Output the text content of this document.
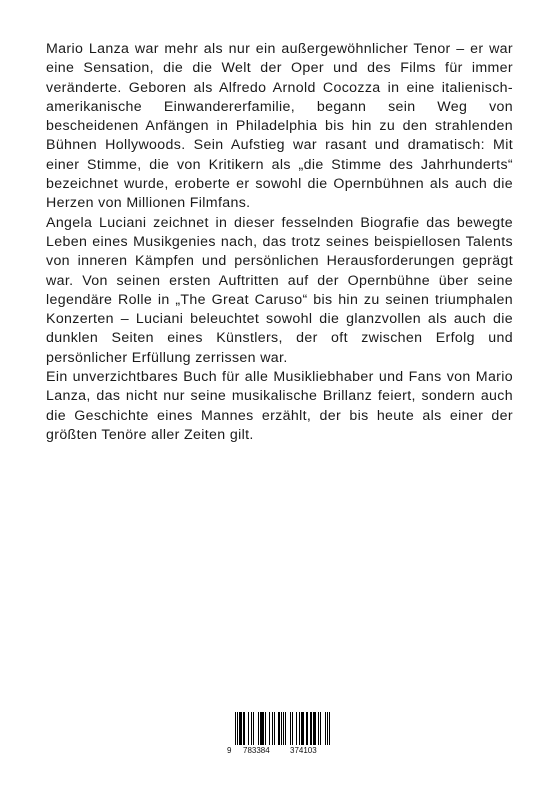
Mario Lanza war mehr als nur ein außergewöhnlicher Tenor – er war eine Sensation, die die Welt der Oper und des Films für immer veränderte. Geboren als Alfredo Arnold Cocozza in eine italienisch-amerikanische Einwandererfamilie, begann sein Weg von bescheidenen Anfängen in Philadelphia bis hin zu den strahlenden Bühnen Hollywoods. Sein Aufstieg war rasant und dramatisch: Mit einer Stimme, die von Kritikern als „die Stimme des Jahrhunderts“ bezeichnet wurde, eroberte er sowohl die Opernbühnen als auch die Herzen von Millionen Filmfans.

Angela Luciani zeichnet in dieser fesselnden Biografie das bewegte Leben eines Musikgenies nach, das trotz seines beispiellosen Talents von inneren Kämpfen und persönlichen Herausforderungen geprägt war. Von seinen ersten Auftritten auf der Opernbühne über seine legendäre Rolle in „The Great Caruso“ bis hin zu seinen triumphalen Konzerten – Luciani beleuchtet sowohl die glanzvollen als auch die dunklen Seiten eines Künstlers, der oft zwischen Erfolg und persönlicher Erfüllung zerrissen war.

Ein unverzichtbares Buch für alle Musikliebhaber und Fans von Mario Lanza, das nicht nur seine musikalische Brillanz feiert, sondern auch die Geschichte eines Mannes erzählt, der bis heute als einer der größten Tenöre aller Zeiten gilt.

9 783384	374103
